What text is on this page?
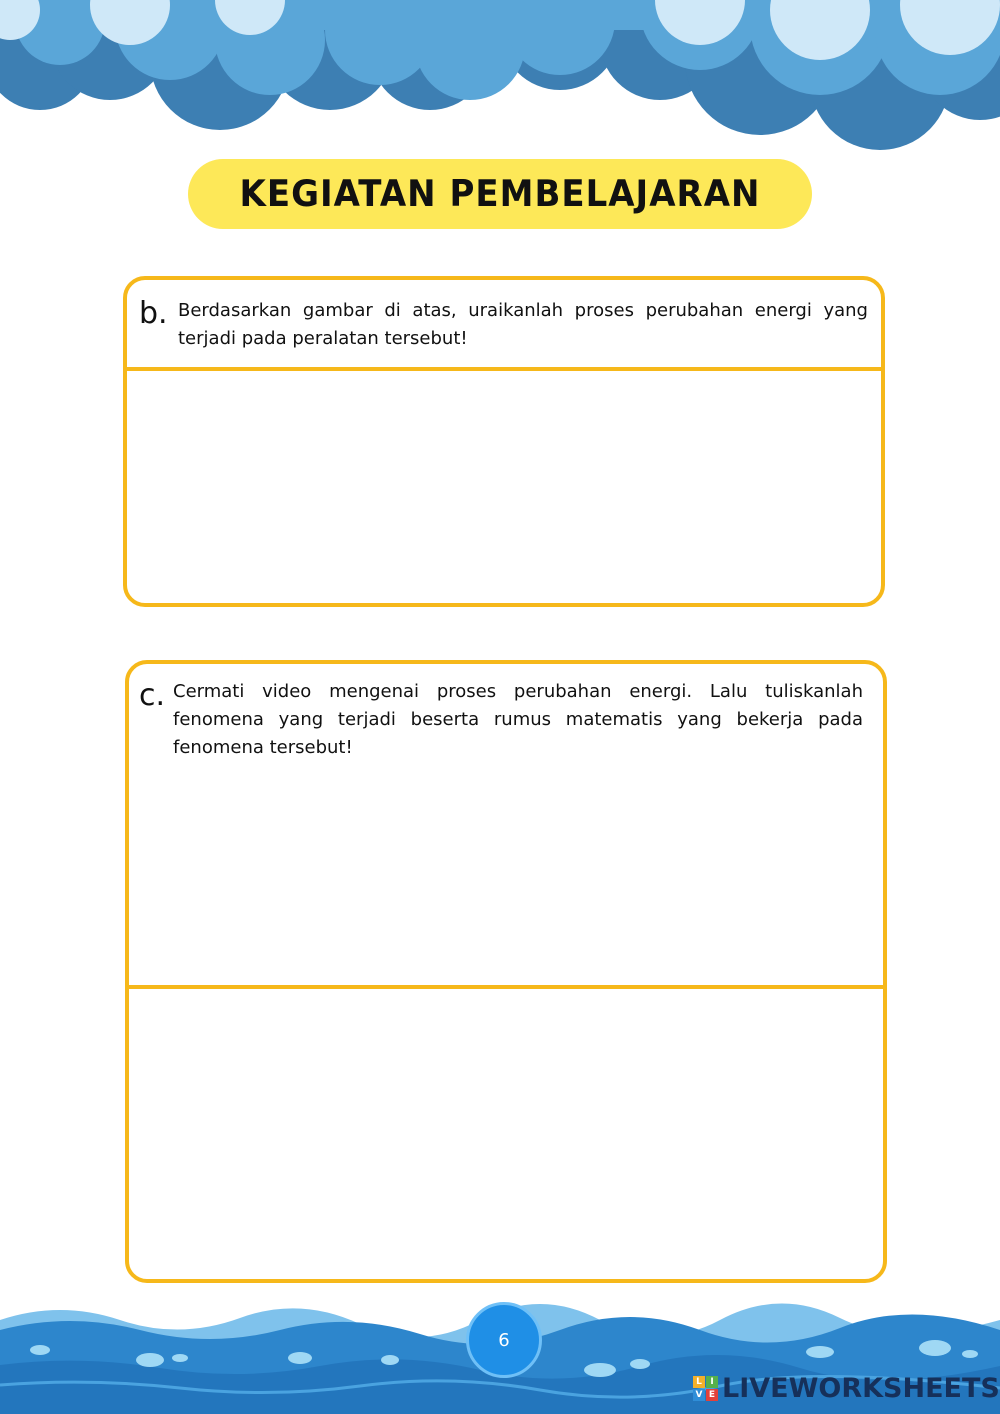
KEGIATAN PEMBELAJARAN
b. Berdasarkan gambar di atas, uraikanlah proses perubahan energi yang terjadi pada peralatan tersebut!
c. Cermati video mengenai proses perubahan energi. Lalu tuliskanlah fenomena yang terjadi beserta rumus matematis yang bekerja pada fenomena tersebut!
6
L I
V E LIVEWORKSHEETS
